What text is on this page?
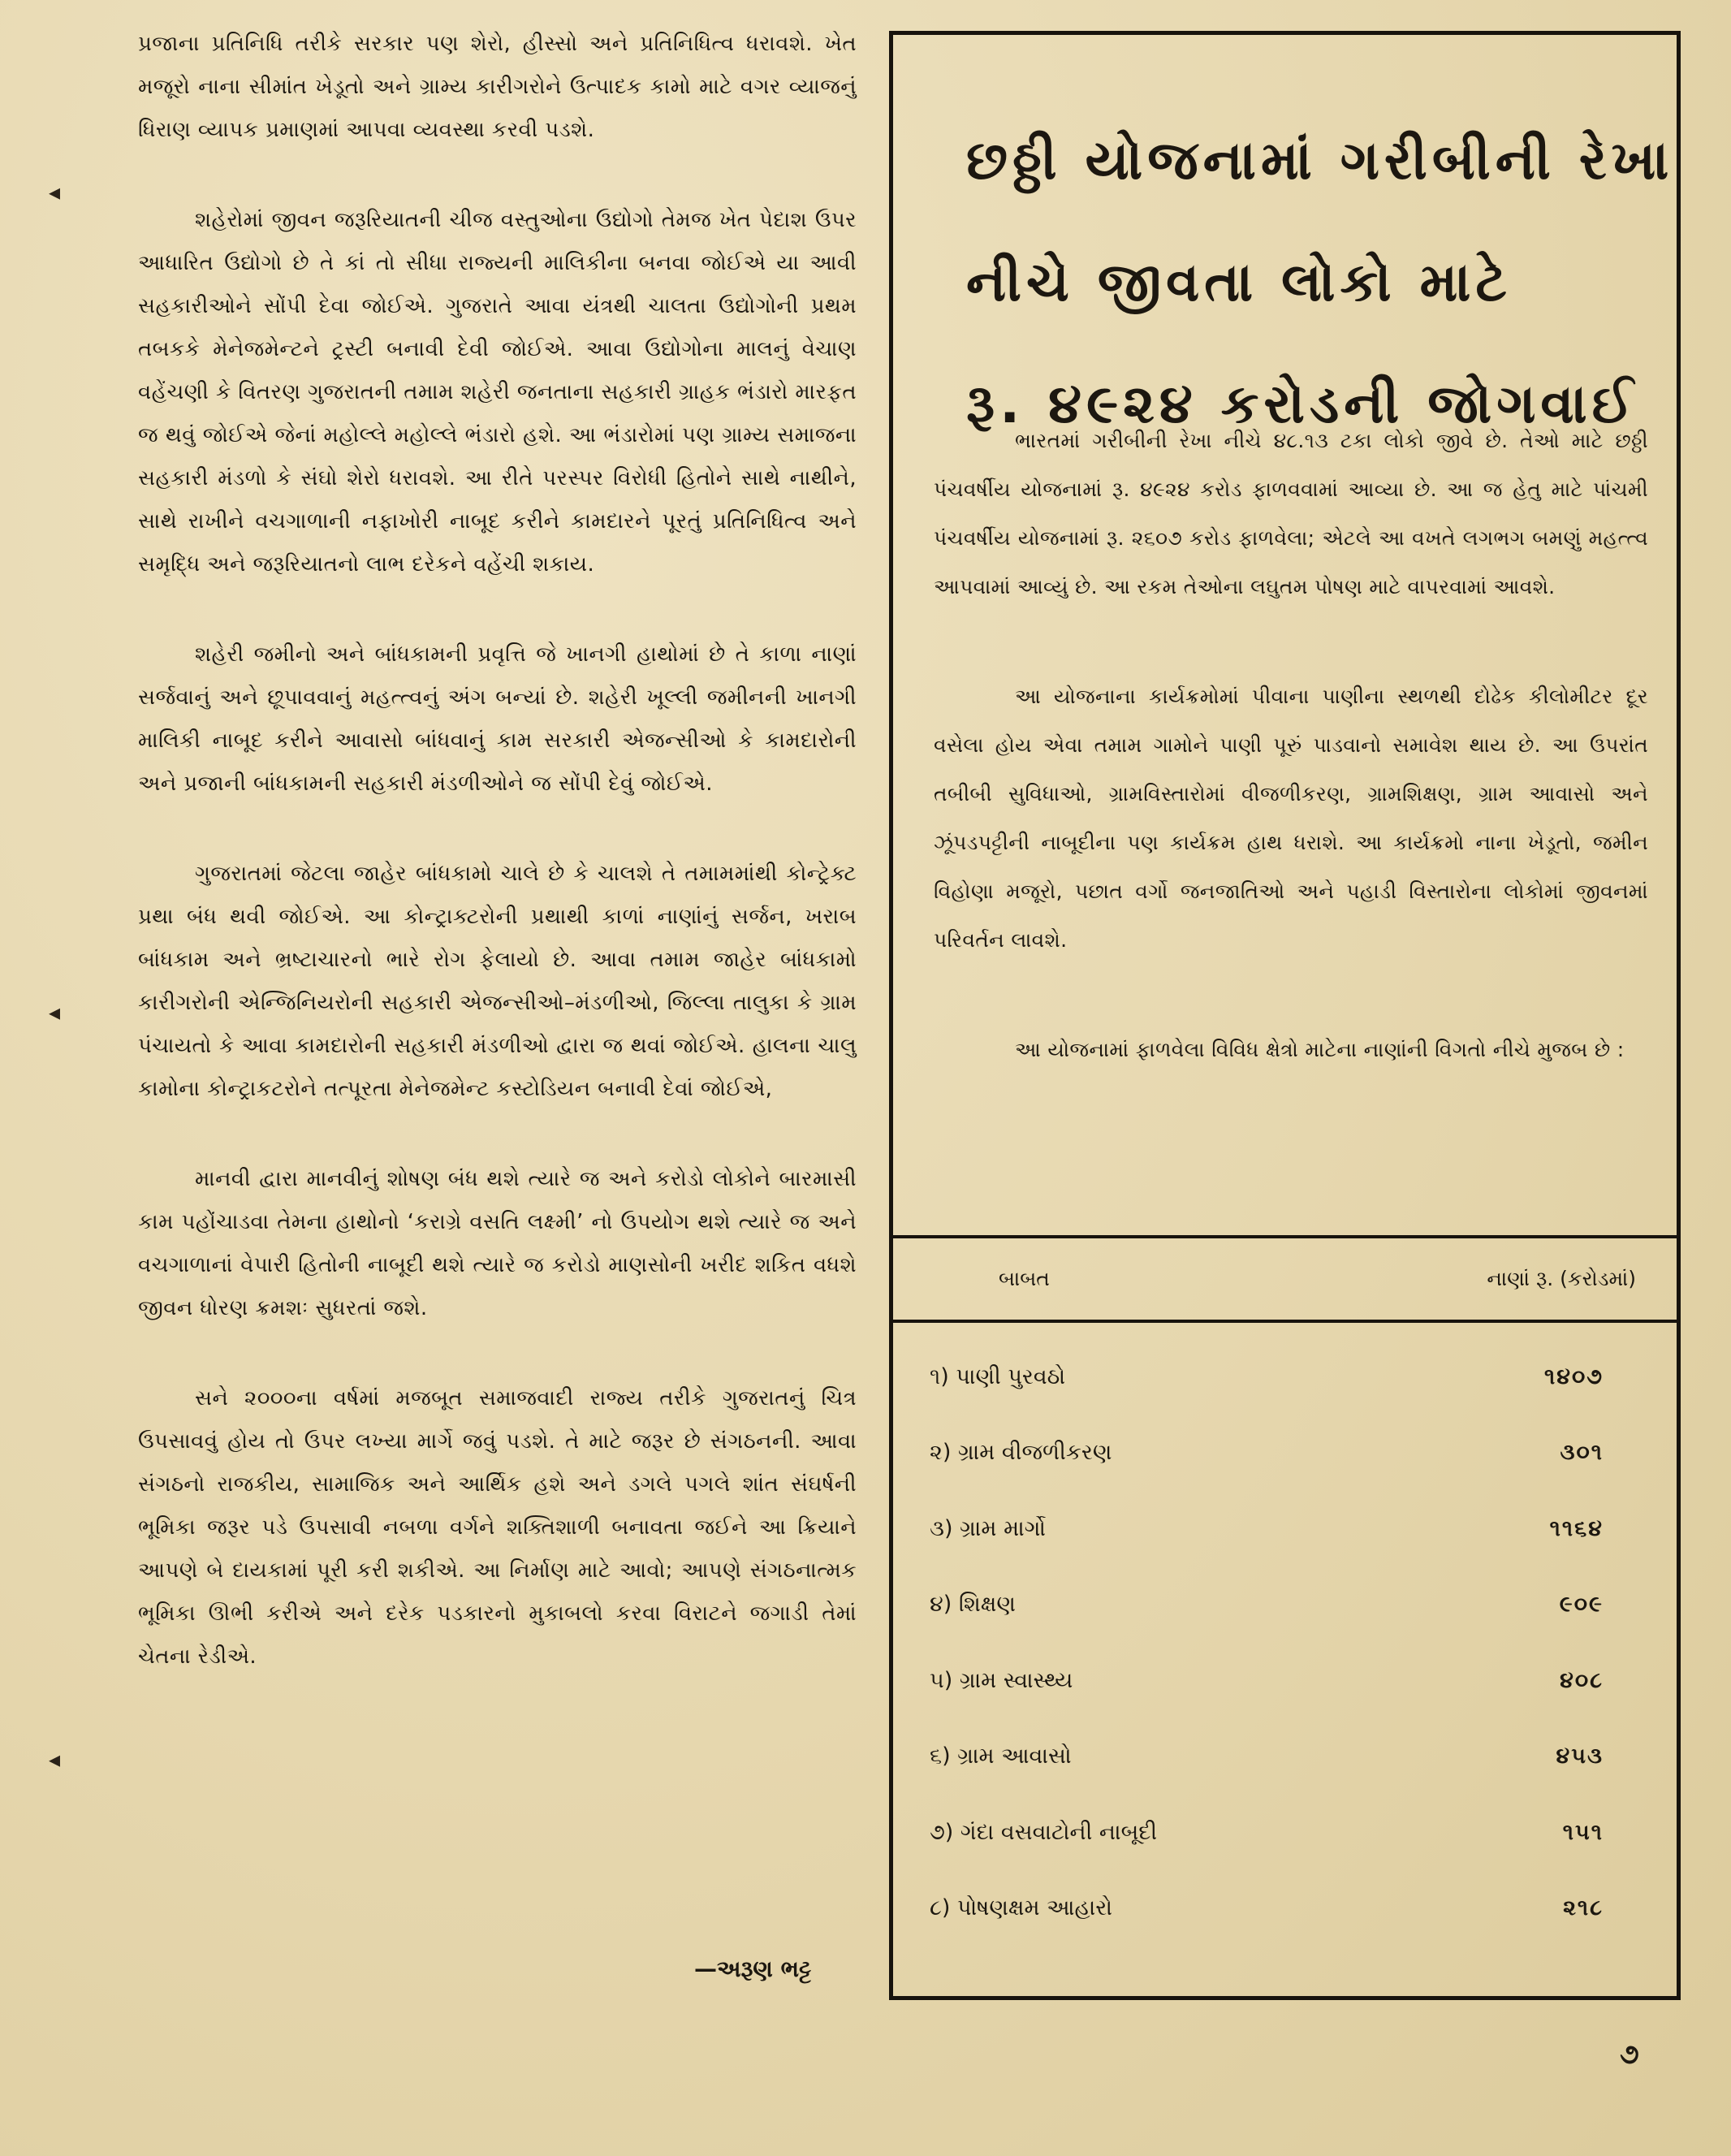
પ્રજાના પ્રતિનિધિ તરીકે સરકાર પણ શેરો, હીસ્સો અને પ્રતિનિધિત્વ ધરાવશે. ખેત મજૂરો નાના સીમાંત ખેડૂતો અને ગ્રામ્ય કારીગરોને ઉત્પાદક કામો માટે વગર વ્યાજનું ધિરાણ વ્યાપક પ્રમાણમાં આપવા વ્યવસ્થા કરવી પડશે.

શહેરોમાં જીવન જરૂરિયાતની ચીજ વસ્તુઓના ઉદ્યોગો તેમજ ખેત પેદાશ ઉપર આધારિત ઉદ્યોગો છે તે કાં તો સીધા રાજ્યની માલિકીના બનવા જોઈએ યા આવી સહકારીઓને સોંપી દેવા જોઈએ. ગુજરાતે આવા યંત્રથી ચાલતા ઉદ્યોગોની પ્રથમ તબકકે મેનેજમેન્ટને ટ્રસ્ટી બનાવી દેવી જોઈએ. આવા ઉદ્યોગોના માલનું વેચાણ વહેંચણી કે વિતરણ ગુજરાતની તમામ શહેરી જનતાના સહકારી ગ્રાહક ભંડારો મારફત જ થવું જોઈએ જેનાં મહોલ્લે મહોલ્લે ભંડારો હશે. આ ભંડારોમાં પણ ગ્રામ્ય સમાજના સહકારી મંડળો કે સંઘો શેરો ધરાવશે. આ રીતે પરસ્પર વિરોધી હિતોને સાથે નાથીને, સાથે રાખીને વચગાળાની નફાખોરી નાબૂદ કરીને કામદારને પૂરતું પ્રતિનિધિત્વ અને સમૃદ્ધિ અને જરૂરિયાતનો લાભ દરેકને વહેંચી શકાય.

શહેરી જમીનો અને બાંધકામની પ્રવૃત્તિ જે ખાનગી હાથોમાં છે તે કાળા નાણાં સર્જવાનું અને છૂપાવવાનું મહત્ત્વનું અંગ બન્યાં છે. શહેરી ખૂલ્લી જમીનની ખાનગી માલિકી નાબૂદ કરીને આવાસો બાંધવાનું કામ સરકારી એજન્સીઓ કે કામદારોની અને પ્રજાની બાંધકામની સહકારી મંડળીઓને જ સોંપી દેવું જોઈએ.

ગુજરાતમાં જેટલા જાહેર બાંધકામો ચાલે છે કે ચાલશે તે તમામમાંથી કોન્ટ્રેક્ટ પ્રથા બંધ થવી જોઈએ. આ કોન્ટ્રાક્ટરોની પ્રથાથી કાળાં નાણાંનું સર્જન, ખરાબ બાંધકામ અને ભ્રષ્ટાચારનો ભારે રોગ ફેલાયો છે. આવા તમામ જાહેર બાંધકામો કારીગરોની એન્જિનિયરોની સહકારી એજન્સીઓ–મંડળીઓ, જિલ્લા તાલુકા કે ગ્રામ પંચાયતો કે આવા કામદારોની સહકારી મંડળીઓ દ્વારા જ થવાં જોઈએ. હાલના ચાલુ કામોના કોન્ટ્રાકટરોને તત્પૂરતા મેનેજમેન્ટ કસ્ટોડિયન બનાવી દેવાં જોઈએ,

માનવી દ્વારા માનવીનું શોષણ બંધ થશે ત્યારે જ અને કરોડો લોકોને બારમાસી કામ પહોંચાડવા તેમના હાથોનો ‘કરાગ્રે વસતિ લક્ષ્મી’ નો ઉપયોગ થશે ત્યારે જ અને વચગાળાનાં વેપારી હિતોની નાબૂદી થશે ત્યારે જ કરોડો માણસોની ખરીદ શકિત વધશે જીવન ધોરણ ક્રમશઃ સુધરતાં જશે.

સને ૨૦૦૦ના વર્ષમાં મજબૂત સમાજવાદી રાજ્ય તરીકે ગુજરાતનું ચિત્ર ઉપસાવવું હોય તો ઉપર લખ્યા માર્ગે જવું પડશે. તે માટે જરૂર છે સંગઠનની. આવા સંગઠનો રાજકીય, સામાજિક અને આર્થિક હશે અને ડગલે પગલે શાંત સંઘર્ષની ભૂમિકા જરૂર પડે ઉપસાવી નબળા વર્ગને શક્તિશાળી બનાવતા જઈને આ ક્રિયાને આપણે બે દાયકામાં પૂરી કરી શકીએ. આ નિર્માણ માટે આવો; આપણે સંગઠનાત્મક ભૂમિકા ઊભી કરીએ અને દરેક પડકારનો મુકાબલો કરવા વિરાટને જગાડી તેમાં ચેતના રેડીએ.

—અરૂણ ભટ્ટ
છઠ્ઠી યોજનામાં ગરીબીની રેખા
નીચે જીવતા લોકો માટે
રૂ. ૪૯૨૪ કરોડની જોગવાઈ

ભારતમાં ગરીબીની રેખા નીચે ૪૮.૧૩ ટકા લોકો જીવે છે. તેઓ માટે છઠ્ઠી પંચવર્ષીય યોજનામાં રૂ. ૪૯૨૪ કરોડ ફાળવવામાં આવ્યા છે. આ જ હેતુ માટે પાંચમી પંચવર્ષીય યોજનામાં રૂ. ૨૬૦૭ કરોડ ફાળવેલા; એટલે આ વખતે લગભગ બમણું મહત્ત્વ આપવામાં આવ્યું છે. આ રકમ તેઓના લઘુતમ પોષણ માટે વાપરવામાં આવશે.

આ યોજનાના કાર્યક્રમોમાં પીવાના પાણીના સ્થળથી દોઢેક કીલોમીટર દૂર વસેલા હોય એવા તમામ ગામોને પાણી પૂરું પાડવાનો સમાવેશ થાય છે. આ ઉપરાંત તબીબી સુવિધાઓ, ગ્રામવિસ્તારોમાં વીજળીકરણ, ગ્રામશિક્ષણ, ગ્રામ આવાસો અને ઝૂંપડપટ્ટીની નાબૂદીના પણ કાર્યક્રમ હાથ ધરાશે. આ કાર્યક્રમો નાના ખેડૂતો, જમીન વિહોણા મજૂરો, પછાત વર્ગો જનજાતિઓ અને પહાડી વિસ્તારોના લોકોમાં જીવનમાં પરિવર્તન લાવશે.

આ યોજનામાં ફાળવેલા વિવિધ ક્ષેત્રો માટેના નાણાંની વિગતો નીચે મુજબ છે :

બાબત	નાણાં રૂ. (કરોડમાં)
૧) પાણી પુરવઠો	૧૪૦૭
૨) ગ્રામ વીજળીકરણ	૩૦૧
૩) ગ્રામ માર્ગો	૧૧૬૪
૪) શિક્ષણ	૯૦૯
૫) ગ્રામ સ્વાસ્થ્ય	૪૦૮
૬) ગ્રામ આવાસો	૪૫૩
૭) ગંદા વસવાટોની નાબૂદી	૧૫૧
૮) પોષણક્ષમ આહારો	૨૧૮
૭
◂
◂
◂
